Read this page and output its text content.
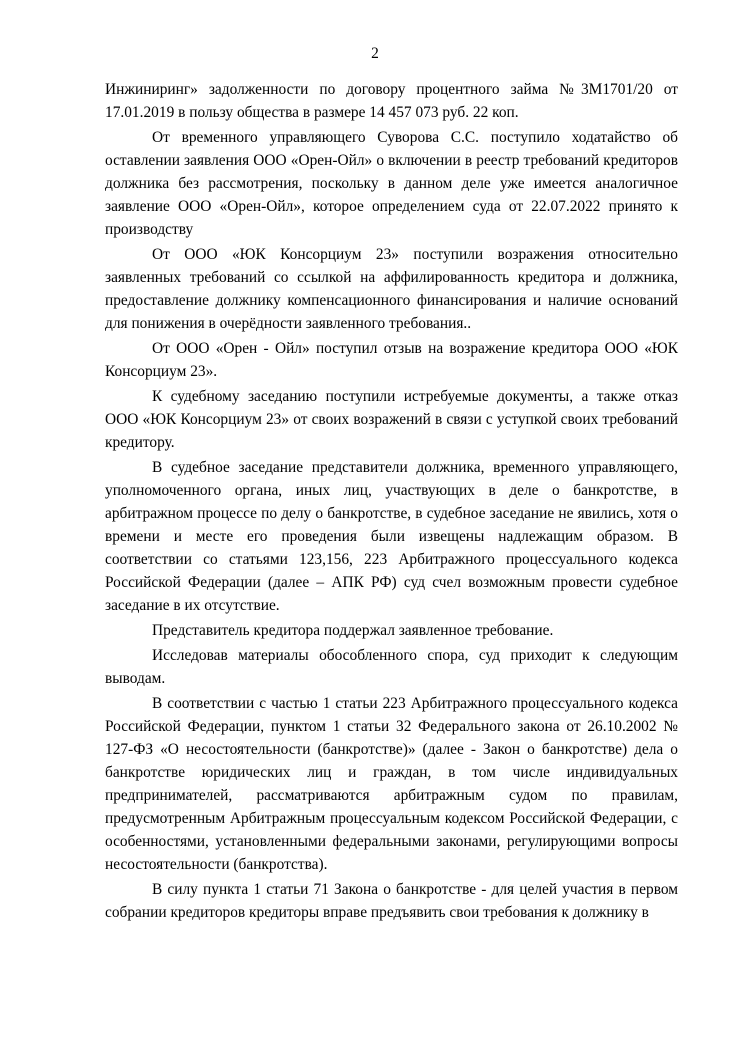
2

Инжиниринг» задолженности по договору процентного займа №3М1701/20 от 17.01.2019 в пользу общества в размере 14 457 073 руб. 22 коп.

От временного управляющего Суворова С.С. поступило ходатайство об оставлении заявления ООО «Орен-Ойл» о включении в реестр требований кредиторов должника без рассмотрения, поскольку в данном деле уже имеется аналогичное заявление ООО «Орен-Ойл», которое определением суда от 22.07.2022 принято к производству

От ООО «ЮК Консорциум 23» поступили возражения относительно заявленных требований со ссылкой на аффилированность кредитора и должника, предоставление должнику компенсационного финансирования и наличие оснований для понижения в очерёдности заявленного требования..

От ООО «Орен - Ойл» поступил отзыв на возражение кредитора ООО «ЮК Консорциум 23».

К судебному заседанию поступили истребуемые документы, а также отказ ООО «ЮК Консорциум 23» от своих возражений в связи с уступкой своих требований кредитору.

В судебное заседание представители должника, временного управляющего, уполномоченного органа, иных лиц, участвующих в деле о банкротстве, в арбитражном процессе по делу о банкротстве, в судебное заседание не явились, хотя о времени и месте его проведения были извещены надлежащим образом. В соответствии со статьями 123,156, 223 Арбитражного процессуального кодекса Российской Федерации (далее – АПК РФ) суд счел возможным провести судебное заседание в их отсутствие.

Представитель кредитора поддержал заявленное требование.

Исследовав материалы обособленного спора, суд приходит к следующим выводам.

В соответствии с частью 1 статьи 223 Арбитражного процессуального кодекса Российской Федерации, пунктом 1 статьи 32 Федерального закона от 26.10.2002 № 127-ФЗ «О несостоятельности (банкротстве)» (далее - Закон о банкротстве) дела о банкротстве юридических лиц и граждан, в том числе индивидуальных предпринимателей, рассматриваются арбитражным судом по правилам, предусмотренным Арбитражным процессуальным кодексом Российской Федерации, с особенностями, установленными федеральными законами, регулирующими вопросы несостоятельности (банкротства).

В силу пункта 1 статьи 71 Закона о банкротстве - для целей участия в первом собрании кредиторов кредиторы вправе предъявить свои требования к должнику в
